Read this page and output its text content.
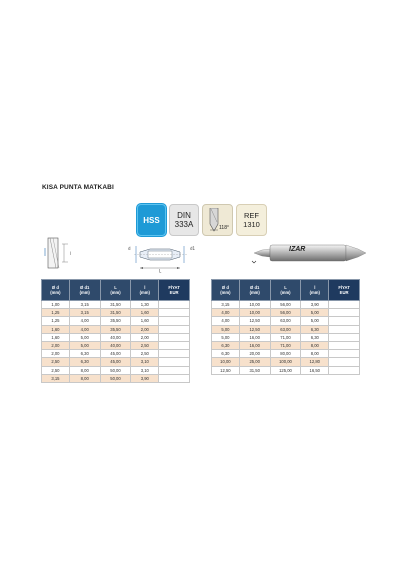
KISA PUNTA MATKABI
l
L
d1
d	IZAR
HSS DIN
333A	118°
REF
1310
Ø d
(mm)	Ø d1
(mm)	L
(mm)	l
(mm)	FİYAT
EUR
1,00	3,15	31,50	1,30	
1,25	3,15	31,50	1,60	
1,25	4,00	35,50	1,60	
1,60	4,00	35,50	2,00	
1,60	5,00	40,00	2,00	
2,00	5,00	40,00	2,50	
2,00	6,30	45,00	2,50	
2,50	6,30	45,00	3,10	
2,50	8,00	50,00	3,10	
3,15	8,00	50,00	3,90	
Ø d
(mm)	Ø d1
(mm)	L
(mm)	l
(mm)	FİYAT
EUR
3,15	10,00	56,00	3,90	
4,00	10,00	56,00	5,00	
4,00	12,50	63,00	5,00	
5,00	12,50	63,00	6,30	
5,00	16,00	71,00	6,30	
6,30	16,00	71,00	8,00	
6,30	20,00	80,00	8,00	
10,00	25,00	100,00	12,80	
12,50	31,50	125,00	16,50	
